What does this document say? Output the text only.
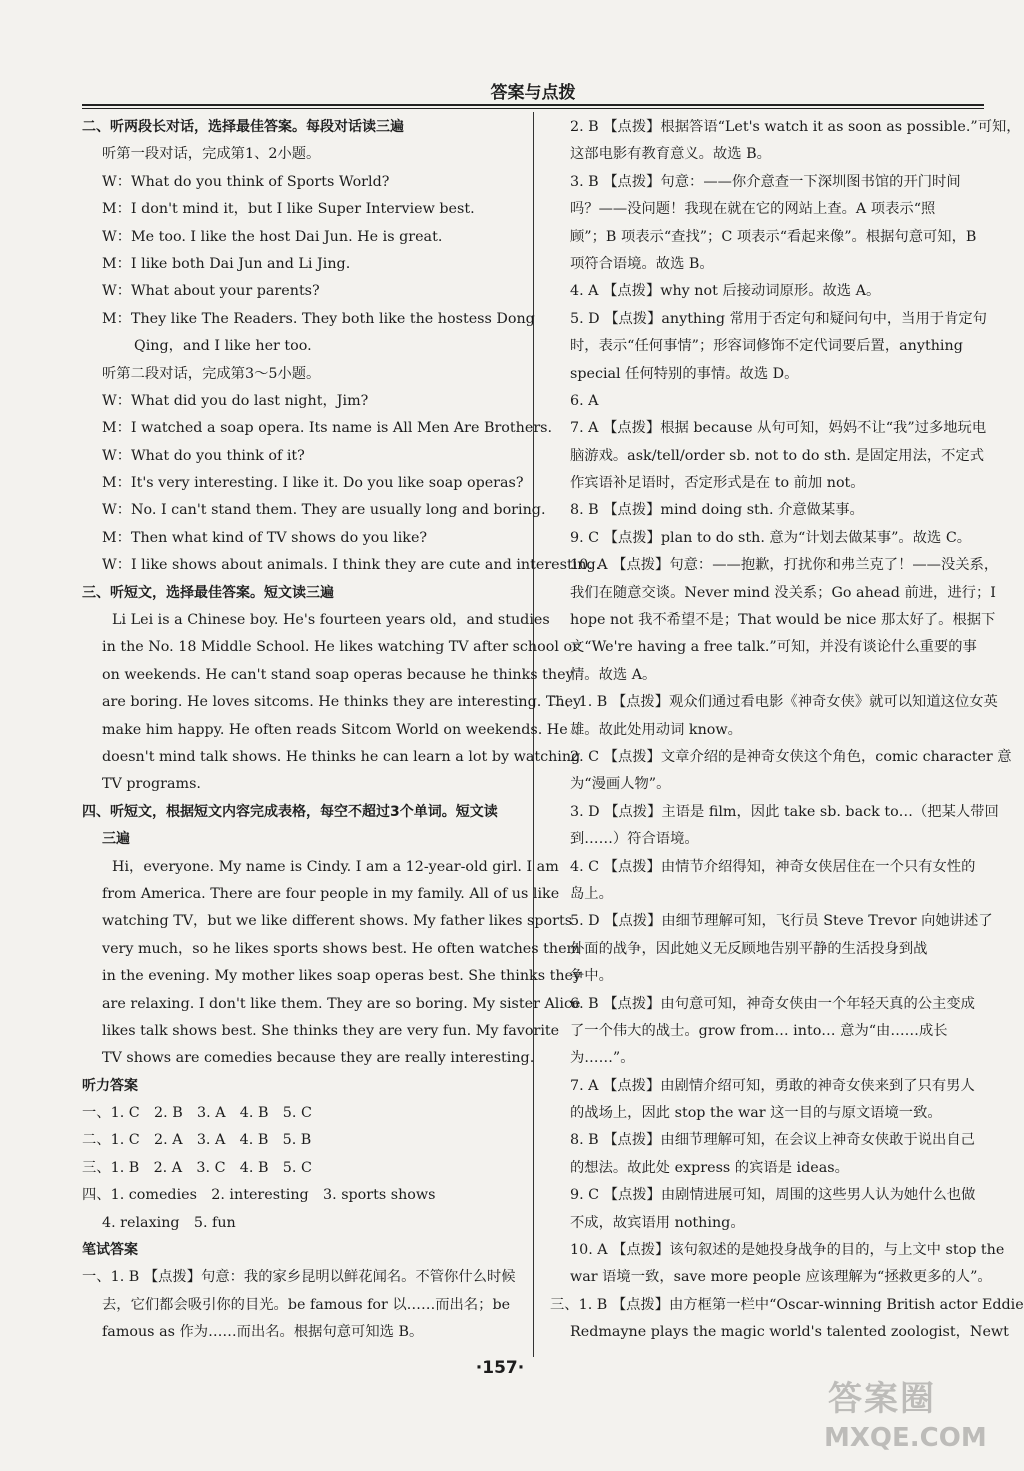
答案与点拨
二、听两段长对话，选择最佳答案。每段对话读三遍
听第一段对话，完成第1、2小题。
W：What do you think of Sports World?
M：I don't mind it，but I like Super Interview best.
W：Me too. I like the host Dai Jun. He is great.
M：I like both Dai Jun and Li Jing.
W：What about your parents?
M：They like The Readers. They both like the hostess Dong
Qing，and I like her too.
听第二段对话，完成第3～5小题。
W：What did you do last night，Jim?
M：I watched a soap opera. Its name is All Men Are Brothers.
W：What do you think of it?
M：It's very interesting. I like it. Do you like soap operas?
W：No. I can't stand them. They are usually long and boring.
M：Then what kind of TV shows do you like?
W：I like shows about animals. I think they are cute and interesting.
三、听短文，选择最佳答案。短文读三遍
Li Lei is a Chinese boy. He's fourteen years old，and studies
in the No. 18 Middle School. He likes watching TV after school or
on weekends. He can't stand soap operas because he thinks they
are boring. He loves sitcoms. He thinks they are interesting. They
make him happy. He often reads Sitcom World on weekends. He
doesn't mind talk shows. He thinks he can learn a lot by watching
TV programs.
四、听短文，根据短文内容完成表格，每空不超过3个单词。短文读
三遍
Hi，everyone. My name is Cindy. I am a 12-year-old girl. I am
from America. There are four people in my family. All of us like
watching TV，but we like different shows. My father likes sports
very much，so he likes sports shows best. He often watches them
in the evening. My mother likes soap operas best. She thinks they
are relaxing. I don't like them. They are so boring. My sister Alice
likes talk shows best. She thinks they are very fun. My favorite
TV shows are comedies because they are really interesting.
听力答案
一、1. C　2. B　3. A　4. B　5. C
二、1. C　2. A　3. A　4. B　5. B
三、1. B　2. A　3. C　4. B　5. C
四、1. comedies　2. interesting　3. sports shows
4. relaxing　5. fun
笔试答案
一、1. B 【点拨】句意：我的家乡昆明以鲜花闻名。不管你什么时候
去，它们都会吸引你的目光。be famous for 以……而出名；be
famous as 作为……而出名。根据句意可知选 B。
2. B 【点拨】根据答语“Let's watch it as soon as possible.”可知，
这部电影有教育意义。故选 B。
3. B 【点拨】句意：——你介意查一下深圳图书馆的开门时间
吗？——没问题！我现在就在它的网站上查。A 项表示“照
顾”；B 项表示“查找”；C 项表示“看起来像”。根据句意可知，B
项符合语境。故选 B。
4. A 【点拨】why not 后接动词原形。故选 A。
5. D 【点拨】anything 常用于否定句和疑问句中，当用于肯定句
时，表示“任何事情”；形容词修饰不定代词要后置，anything
special 任何特别的事情。故选 D。
6. A
7. A 【点拨】根据 because 从句可知，妈妈不让“我”过多地玩电
脑游戏。ask/tell/order sb. not to do sth. 是固定用法，不定式
作宾语补足语时，否定形式是在 to 前加 not。
8. B 【点拨】mind doing sth. 介意做某事。
9. C 【点拨】plan to do sth. 意为“计划去做某事”。故选 C。
10. A 【点拨】句意：——抱歉，打扰你和弗兰克了！——没关系，
我们在随意交谈。Never mind 没关系；Go ahead 前进，进行；I
hope not 我不希望不是；That would be nice 那太好了。根据下
文“We're having a free talk.”可知，并没有谈论什么重要的事
情。故选 A。
二、1. B 【点拨】观众们通过看电影《神奇女侠》就可以知道这位女英
雄。故此处用动词 know。
2. C 【点拨】文章介绍的是神奇女侠这个角色，comic character 意
为“漫画人物”。
3. D 【点拨】主语是 film，因此 take sb. back to…（把某人带回
到……）符合语境。
4. C 【点拨】由情节介绍得知，神奇女侠居住在一个只有女性的
岛上。
5. D 【点拨】由细节理解可知，飞行员 Steve Trevor 向她讲述了
外面的战争，因此她义无反顾地告别平静的生活投身到战
争中。
6. B 【点拨】由句意可知，神奇女侠由一个年轻天真的公主变成
了一个伟大的战士。grow from… into… 意为“由……成长
为……”。
7. A 【点拨】由剧情介绍可知，勇敢的神奇女侠来到了只有男人
的战场上，因此 stop the war 这一目的与原文语境一致。
8. B 【点拨】由细节理解可知，在会议上神奇女侠敢于说出自己
的想法。故此处 express 的宾语是 ideas。
9. C 【点拨】由剧情进展可知，周围的这些男人认为她什么也做
不成，故宾语用 nothing。
10. A 【点拨】该句叙述的是她投身战争的目的，与上文中 stop the
war 语境一致，save more people 应该理解为“拯救更多的人”。
三、1. B 【点拨】由方框第一栏中“Oscar-winning British actor Eddie
Redmayne plays the magic world's talented zoologist，Newt
·157·
答案圈
MXQE.COM
